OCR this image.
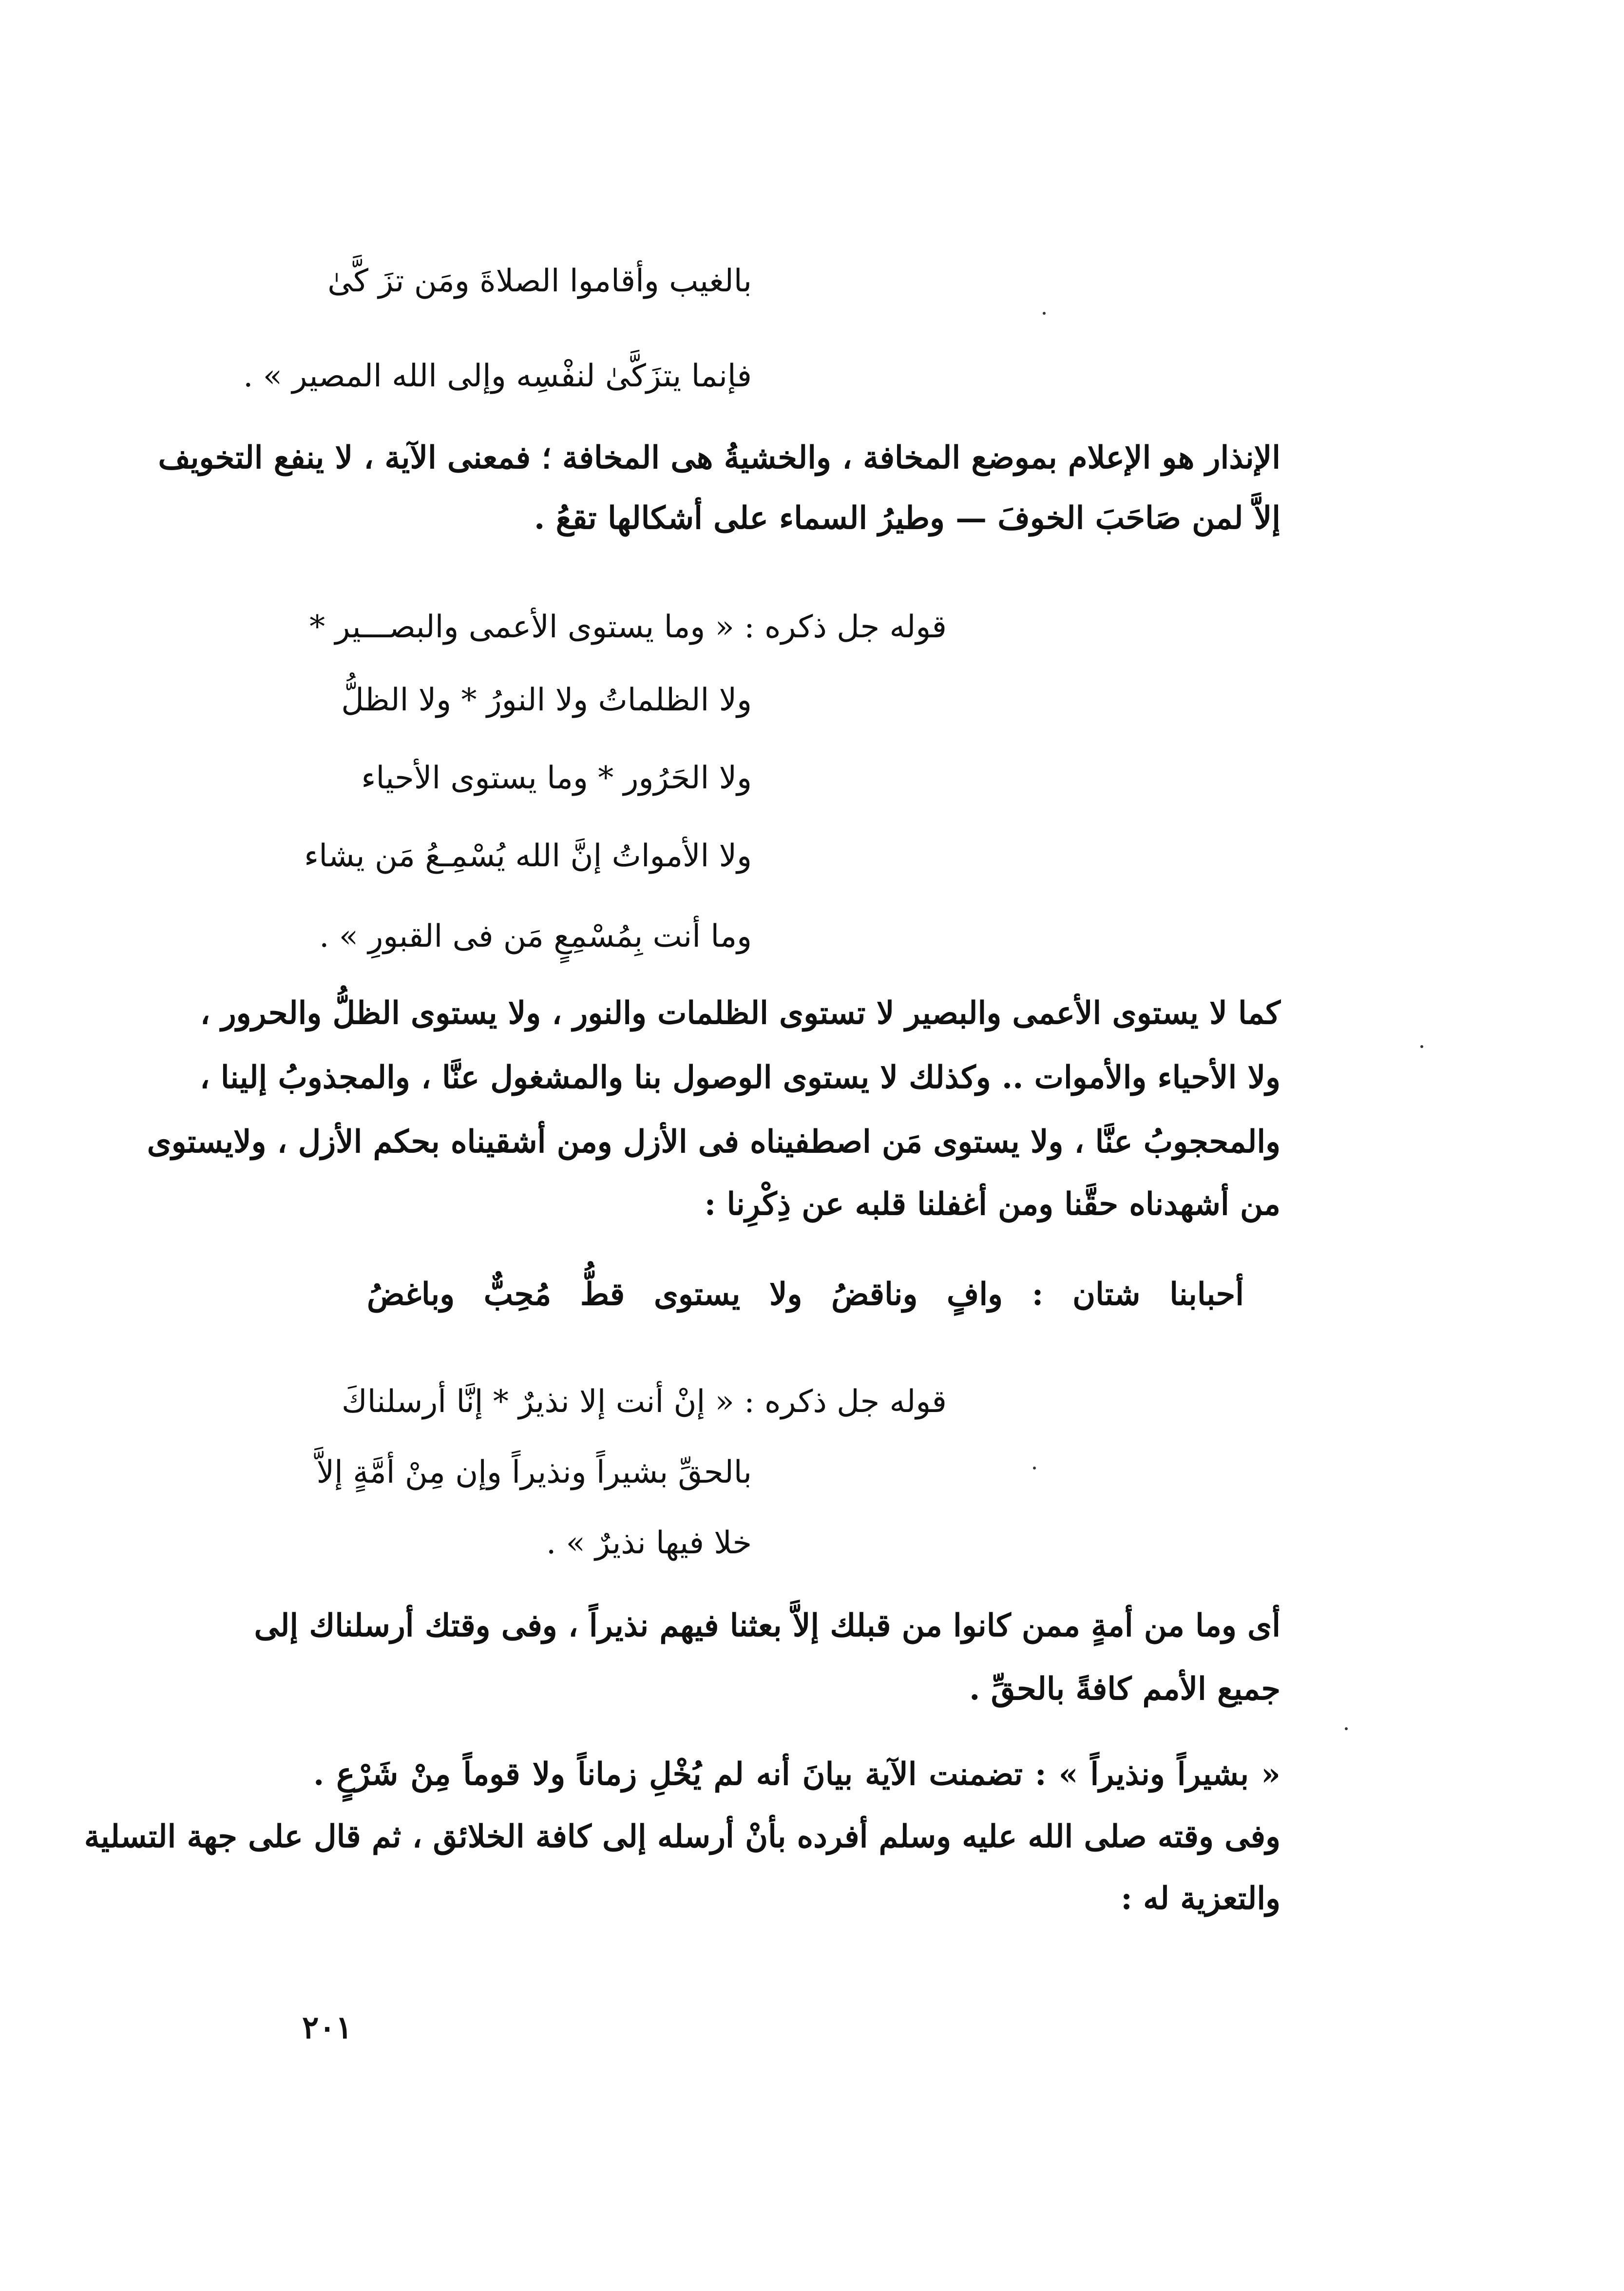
بالغيب وأقاموا الصلاةَ ومَن تزَ كَّىٰ
فإنما يتزَكَّىٰ لنفْسِه وإلى الله المصير » .
الإنذار هو الإعلام بموضع المخافة ، والخشيةُ هى المخافة ؛ فمعنى الآية ، لا ينفع التخويف
إلاَّ لمن صَاحَبَ الخوفَ — وطيرُ السماء على أشكالها تقعُ .
قوله جل ذكره : « وما يستوى الأعمى والبصـــير *
ولا الظلماتُ ولا النورُ * ولا الظلُّ
ولا الحَرُور * وما يستوى الأحياء
ولا الأمواتُ إنَّ الله يُسْمِـعُ مَن يشاء
وما أنت بِمُسْمِعٍ مَن فى القبورِ » .
كما لا يستوى الأعمى والبصير لا تستوى الظلمات والنور ، ولا يستوى الظلُّ والحرور ،
ولا الأحياء والأموات .. وكذلك لا يستوى الوصول بنا والمشغول عنَّا ، والمجذوبُ إلينا ،
والمحجوبُ عنَّا ، ولا يستوى مَن اصطفيناه فى الأزل ومن أشقيناه بحكم الأزل ، ولايستوى
من أشهدناه حقَّنا ومن أغفلنا قلبه عن ذِكْرِنا :
أحبابنا شتان : وافٍ وناقضُ ولا يستوى قطُّ مُحِبٌّ وباغضُ
قوله جل ذكره : « إنْ أنت إلا نذيرٌ * إنَّا أرسلناكَ
بالحقِّ بشيراً ونذيراً وإن مِنْ أمَّةٍ إلاَّ
خلا فيها نذيرٌ » .
أى وما من أمةٍ ممن كانوا من قبلك إلاَّ بعثنا فيهم نذيراً ، وفى وقتك أرسلناك إلى
جميع الأمم كافةً بالحقِّ .
« بشيراً ونذيراً » : تضمنت الآية بيانَ أنه لم يُخْلِ زماناً ولا قوماً مِنْ شَرْعٍ .
وفى وقته صلى الله عليه وسلم أفرده بأنْ أرسله إلى كافة الخلائق ، ثم قال على جهة التسلية
والتعزية له :
٢٠١
